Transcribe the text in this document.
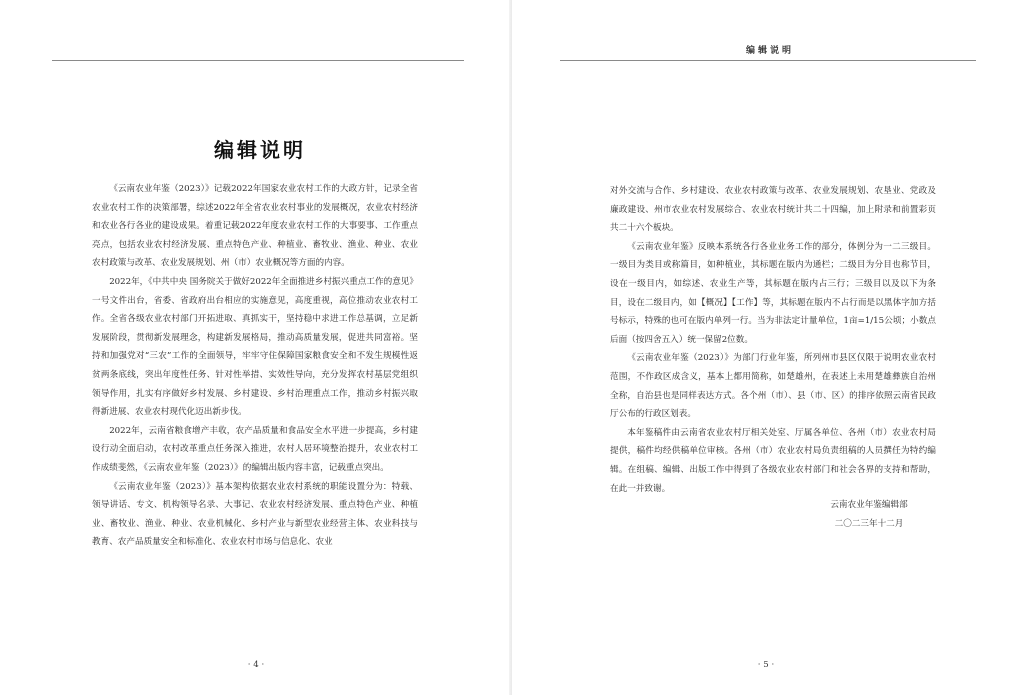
编辑说明

《云南农业年鉴（2023）》记载2022年国家农业农村工作的大政方针，记录全省农业农村工作的决策部署，综述2022年全省农业农村事业的发展概况，农业农村经济和农业各行各业的建设成果。着重记载2022年度农业农村工作的大事要事、工作重点亮点，包括农业农村经济发展、重点特色产业、种植业、畜牧业、渔业、种业、农业农村政策与改革、农业发展规划、州（市）农业概况等方面的内容。

2022年，《中共中央 国务院关于做好2022年全面推进乡村振兴重点工作的意见》一号文件出台，省委、省政府出台相应的实施意见，高度重视，高位推动农业农村工作。全省各级农业农村部门开拓进取、真抓实干，坚持稳中求进工作总基调，立足新发展阶段，贯彻新发展理念，构建新发展格局，推动高质量发展，促进共同富裕。坚持和加强党对“三农”工作的全面领导，牢牢守住保障国家粮食安全和不发生规模性返贫两条底线，突出年度性任务、针对性举措、实效性导向，充分发挥农村基层党组织领导作用，扎实有序做好乡村发展、乡村建设、乡村治理重点工作，推动乡村振兴取得新进展、农业农村现代化迈出新步伐。

2022年，云南省粮食增产丰收，农产品质量和食品安全水平进一步提高，乡村建设行动全面启动，农村改革重点任务深入推进，农村人居环境整治提升，农业农村工作成绩斐然，《云南农业年鉴（2023）》的编辑出版内容丰富，记载重点突出。

《云南农业年鉴（2023）》基本架构依据农业农村系统的职能设置分为：特载、领导讲话、专文、机构领导名录、大事记、农业农村经济发展、重点特色产业、种植业、畜牧业、渔业、种业、农业机械化、乡村产业与新型农业经营主体、农业科技与教育、农产品质量安全和标准化、农业农村市场与信息化、农业

· 4 ·
编辑说明

对外交流与合作、乡村建设、农业农村政策与改革、农业发展规划、农垦业、党政及廉政建设、州市农业农村发展综合、农业农村统计共二十四编，加上附录和前置彩页共二十六个板块。

《云南农业年鉴》反映本系统各行各业业务工作的部分，体例分为一二三级目。一级目为类目或称篇目，如种植业，其标题在版内为通栏；二级目为分目也称节目，设在一级目内，如综述、农业生产等，其标题在版内占三行；三级目以及以下为条目，设在二级目内，如【概况】【工作】等，其标题在版内不占行而是以黑体字加方括号标示，特殊的也可在版内单列一行。当为非法定计量单位，1亩=1/15公顷；小数点后面（按四舍五入）统一保留2位数。

《云南农业年鉴（2023）》为部门行业年鉴，所列州市县区仅限于说明农业农村范围，不作政区成含义，基本上都用简称，如楚雄州，在表述上未用楚雄彝族自治州全称，自治县也是同样表达方式。各个州（市）、县（市、区）的排序依照云南省民政厅公布的行政区划表。

本年鉴稿件由云南省农业农村厅相关处室、厅属各单位、各州（市）农业农村局提供，稿件均经供稿单位审核。各州（市）农业农村局负责组稿的人员撰任为特约编辑。在组稿、编辑、出版工作中得到了各级农业农村部门和社会各界的支持和帮助，在此一并致谢。

云南农业年鉴编辑部
二〇二三年十二月
· 5 ·
